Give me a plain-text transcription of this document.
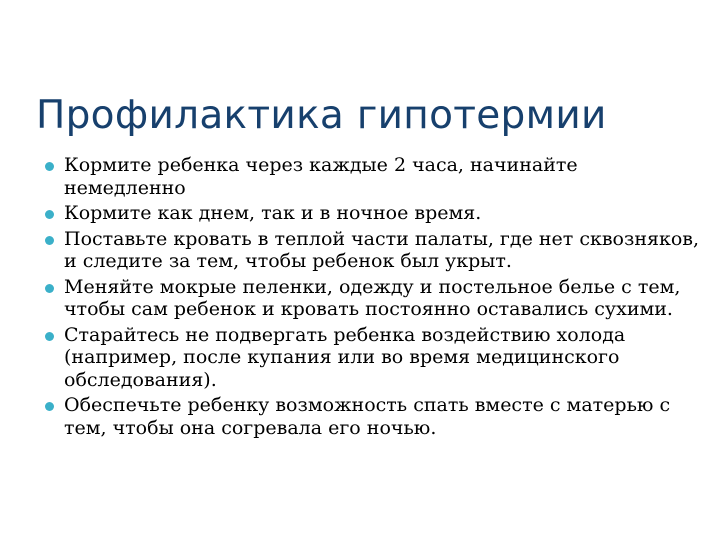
Профилактика гипотермии
Кормите ребенка через каждые 2 часа, начинайте немедленно
Кормите как днем, так и в ночное время.
Поставьте кровать в теплой части палаты, где нет сквозняков, и следите за тем, чтобы ребенок был укрыт.
Меняйте мокрые пеленки, одежду и постельное белье с тем, чтобы сам ребенок и кровать постоянно оставались сухими.
Старайтесь не подвергать ребенка воздействию холода (например, после купания или во время медицинского обследования).
Обеспечьте ребенку возможность спать вместе с матерью с тем, чтобы она согревала его ночью.
